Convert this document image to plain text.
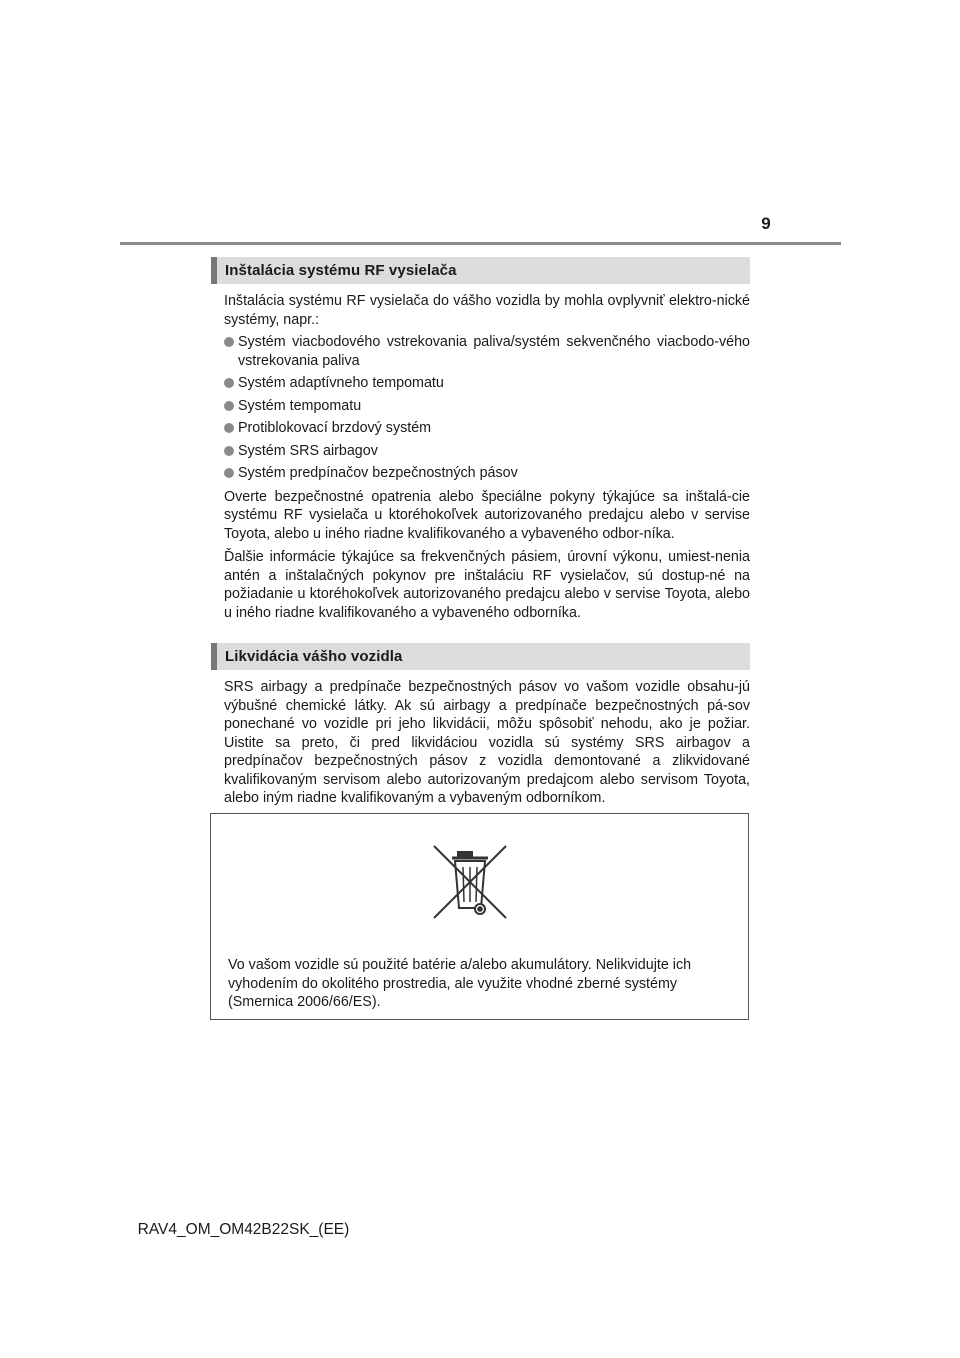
9
Inštalácia systému RF vysielača

Inštalácia systému RF vysielača do vášho vozidla by mohla ovplyvniť elektro-nické systémy, napr.:

Systém viacbodového vstrekovania paliva/systém sekvenčného viacbodo-vého vstrekovania paliva
Systém adaptívneho tempomatu
Systém tempomatu
Protiblokovací brzdový systém
Systém SRS airbagov
Systém predpínačov bezpečnostných pásov

Overte bezpečnostné opatrenia alebo špeciálne pokyny týkajúce sa inštalá-cie systému RF vysielača u ktoréhokoľvek autorizovaného predajcu alebo v servise Toyota, alebo u iného riadne kvalifikovaného a vybaveného odbor-níka.

Ďalšie informácie týkajúce sa frekvenčných pásiem, úrovní výkonu, umiest-nenia antén a inštalačných pokynov pre inštaláciu RF vysielačov, sú dostup-né na požiadanie u ktoréhokoľvek autorizovaného predajcu alebo v servise Toyota, alebo u iného riadne kvalifikovaného a vybaveného odborníka.

Likvidácia vášho vozidla

SRS airbagy a predpínače bezpečnostných pásov vo vašom vozidle obsahu-jú výbušné chemické látky. Ak sú airbagy a predpínače bezpečnostných pá-sov ponechané vo vozidle pri jeho likvidácii, môžu spôsobiť nehodu, ako je požiar. Uistite sa preto, či pred likvidáciou vozidla sú systémy SRS airbagov a predpínačov bezpečnostných pásov z vozidla demontované a zlikvidované kvalifikovaným servisom alebo autorizovaným predajcom alebo servisom Toyota, alebo iným riadne kvalifikovaným a vybaveným odborníkom.

Vo vašom vozidle sú použité batérie a/alebo akumulátory. Nelikvidujte ich vyhodením do okolitého prostredia, ale využite vhodné zberné systémy (Smernica 2006/66/ES).

RAV4_OM_OM42B22SK_(EE)
